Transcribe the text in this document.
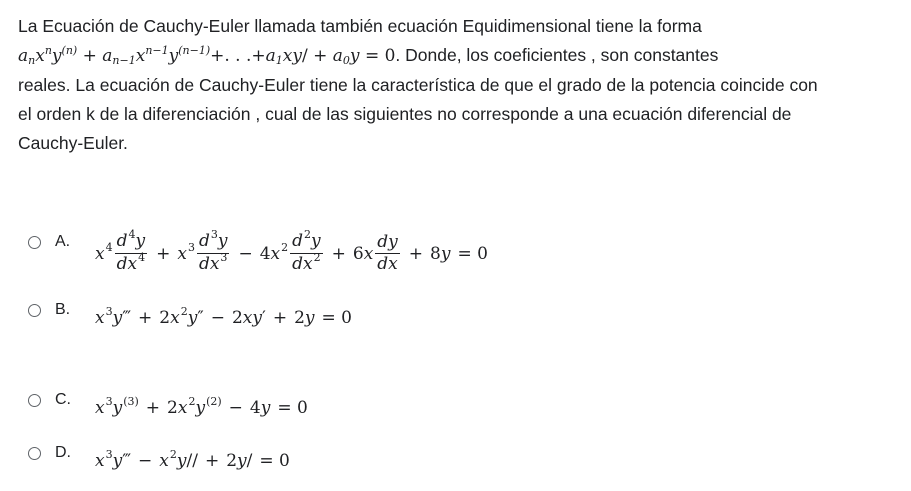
La Ecuación de Cauchy-Euler llamada también ecuación Equidimensional tiene la forma

$a_nx^ny^{(n)} + a_{n-1}x^{n-1}y^{(n-1)}+$. . $.+a_1xy/ + a_0y = 0$. Donde, los coeficientes , son constantes

reales. La ecuación de Cauchy-Euler tiene la característica de que el grado de la potencia coincide con

el orden k de la diferenciación , cual de las siguientes no corresponde a una ecuación diferencial de

Cauchy-Euler.

A.
$x^4 \frac{d^4y}{dx^4} + x^3 \frac{d^3y}{dx^3} - 4x^2 \frac{d^2y}{dx^2} + 6x \frac{dy}{dx} + 8y = 0$
B.	$x^3y‴ + 2x^2y'' - 2xy' + 2y = 0$
C.	$x^3y^{(3)} + 2x^2y^{(2)} - 4y = 0$
D.	$x^3y‴ - x^2y// + 2y/ = 0$
